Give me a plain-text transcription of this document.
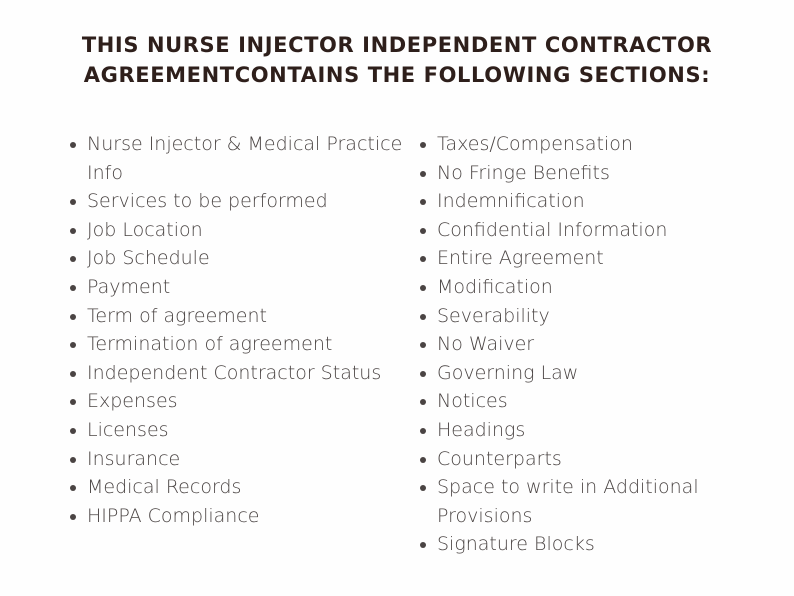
THIS NURSE INJECTOR INDEPENDENT CONTRACTOR
AGREEMENTCONTAINS THE FOLLOWING SECTIONS:
Nurse Injector & Medical Practice Info
Services to be performed
Job Location
Job Schedule
Payment
Term of agreement
Termination of agreement
Independent Contractor Status
Expenses
Licenses
Insurance
Medical Records
HIPPA Compliance
Taxes/Compensation
No Fringe Benefits
Indemnification
Confidential Information
Entire Agreement
Modification
Severability
No Waiver
Governing Law
Notices
Headings
Counterparts
Space to write in Additional Provisions
Signature Blocks
